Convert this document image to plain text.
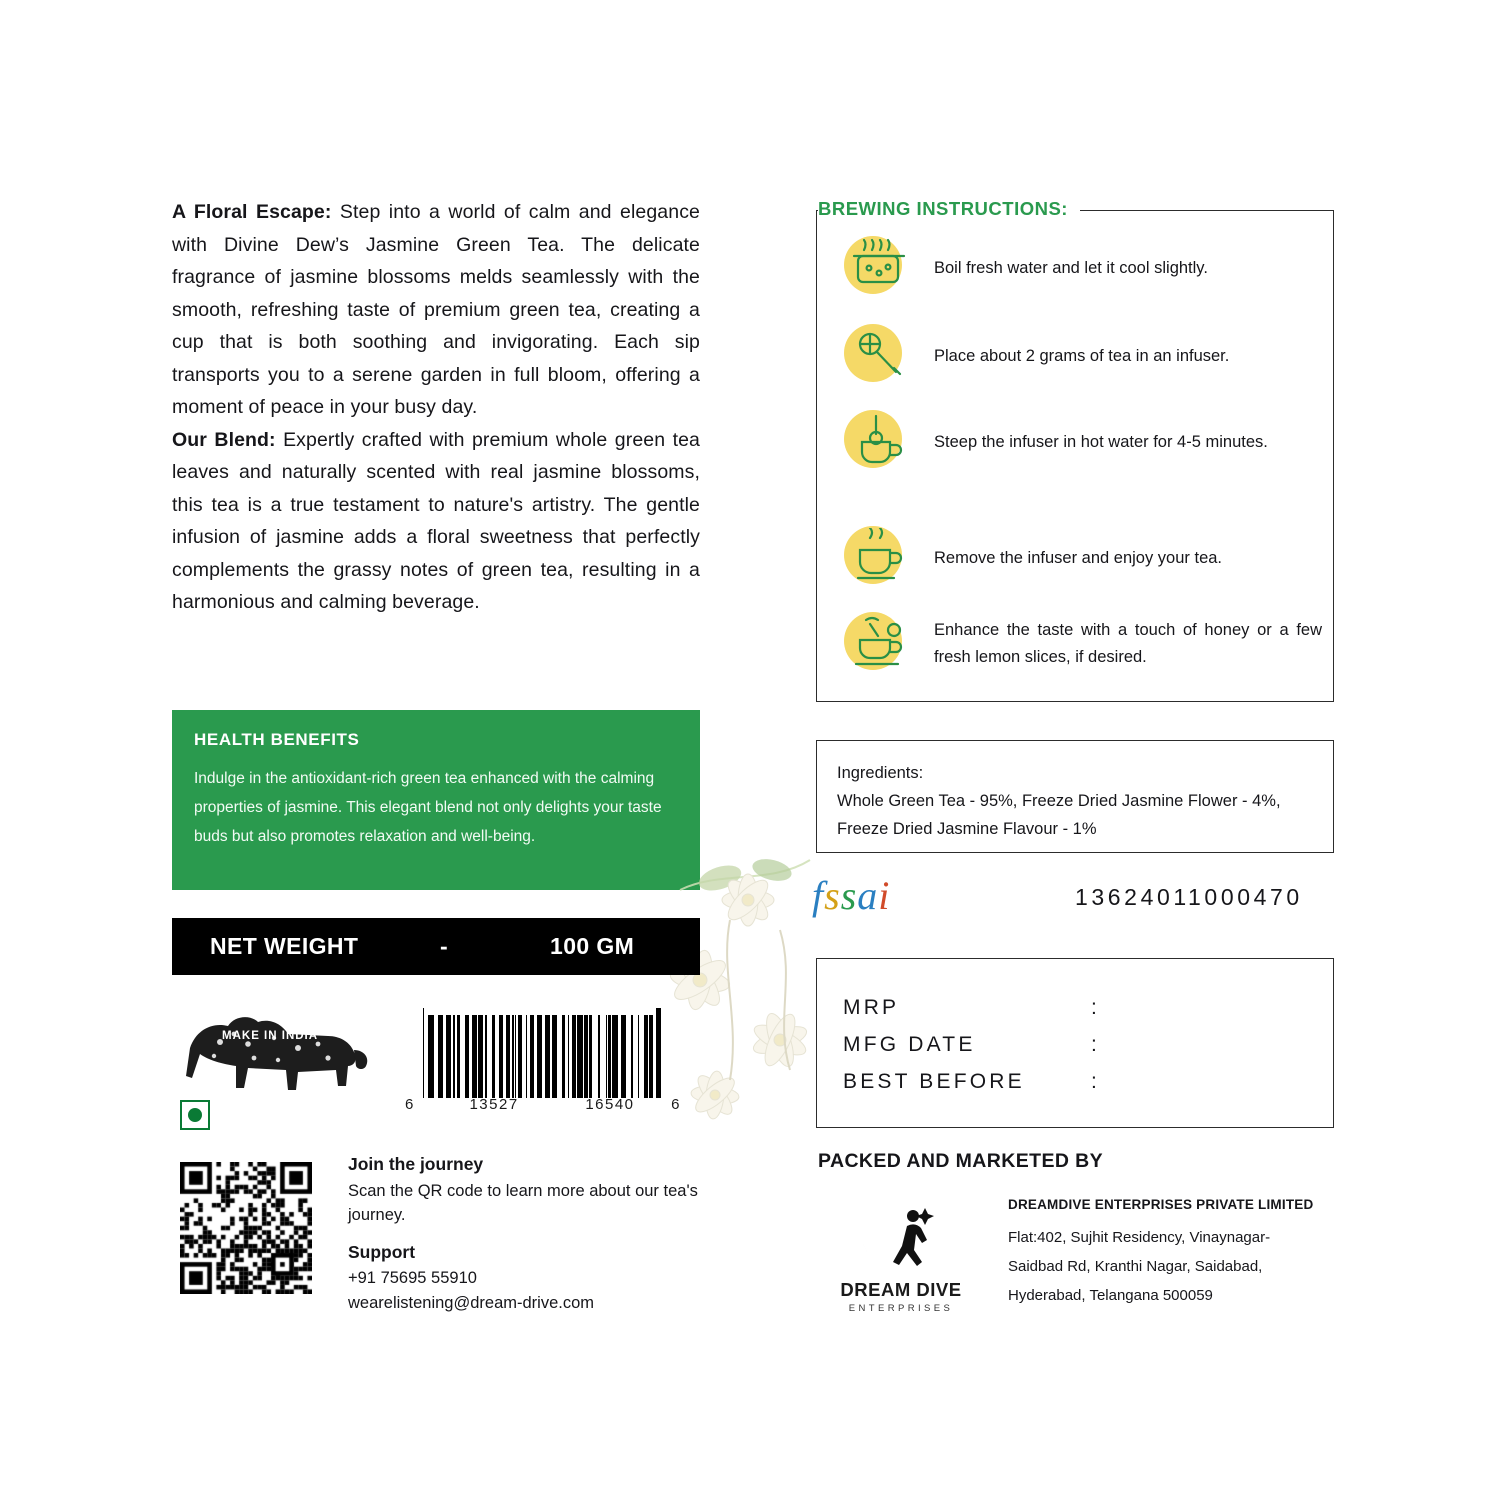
A Floral Escape: Step into a world of calm and elegance with Divine Dew’s Jasmine Green Tea. The delicate fragrance of jasmine blossoms melds seamlessly with the smooth, refreshing taste of premium green tea, creating a cup that is both soothing and invigorating. Each sip transports you to a serene garden in full bloom, offering a moment of peace in your busy day.

Our Blend: Expertly crafted with premium whole green tea leaves and naturally scented with real jasmine blossoms, this tea is a true testament to nature's artistry. The gentle infusion of jasmine adds a floral sweetness that perfectly complements the grassy notes of green tea, resulting in a harmonious and calming beverage.

HEALTH BENEFITS
Indulge in the antioxidant-rich green tea enhanced with the calming properties of jasmine. This elegant blend not only delights your taste buds but also promotes relaxation and well-being.
NET WEIGHT	-	100 GM
MAKE IN INDIA
6	13527	16540 6
Join the journey
Scan the QR code to learn more about our tea's journey.
Support
+91 75695 55910
wearelistening@dream-drive.com
BREWING INSTRUCTIONS:
Boil fresh water and let it cool slightly.
Place about 2 grams of tea in an infuser.
Steep the infuser in hot water for 4-5 minutes.
Remove the infuser and enjoy your tea.
Enhance the taste with a touch of honey or a few fresh lemon slices, if desired.
Ingredients:
Whole Green Tea - 95%, Freeze Dried Jasmine Flower - 4%, Freeze Dried Jasmine Flavour - 1%
fssai	13624011000470
MRP	:
MFG DATE	:
BEST BEFORE	:
PACKED AND MARKETED BY
DREAM DIVE
ENTERPRISES
DREAMDIVE ENTERPRISES PRIVATE LIMITED
Flat:402, Sujhit Residency, Vinaynagar-
Saidbad Rd, Kranthi Nagar, Saidabad,
Hyderabad, Telangana 500059
